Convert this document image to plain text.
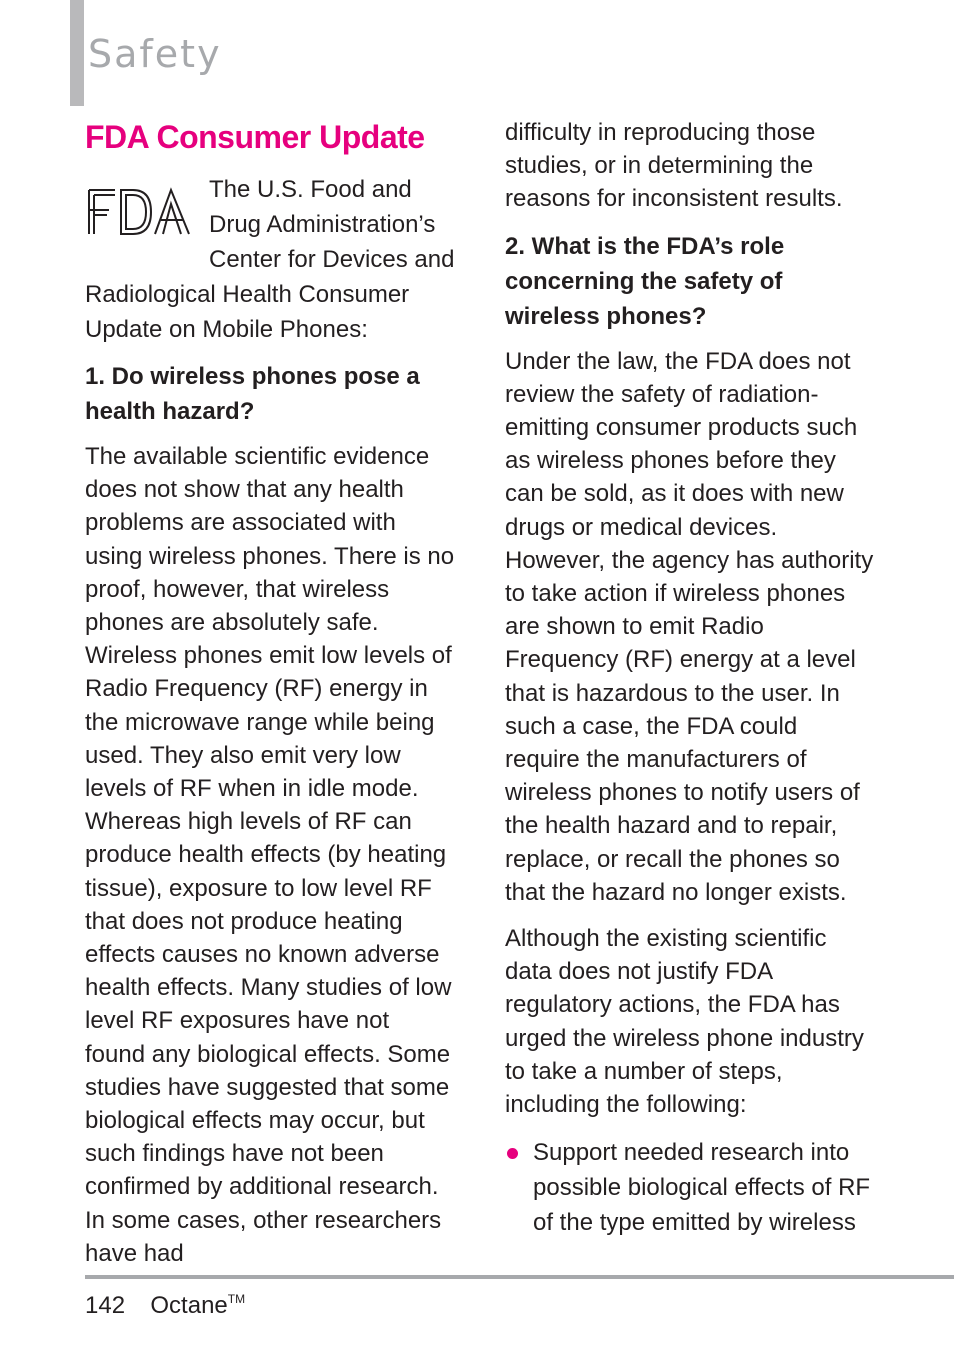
Safety
FDA Consumer Update
The U.S. Food and Drug Administration’s Center for Devices and Radiological Health Consumer Update on Mobile Phones:

1. Do wireless phones pose a health hazard?

The available scientific evidence does not show that any health problems are associated with using wireless phones. There is no proof, however, that wireless phones are absolutely safe. Wireless phones emit low levels of Radio Frequency (RF) energy in the microwave range while being used. They also emit very low levels of RF when in idle mode. Whereas high levels of RF can produce health effects (by heating tissue), exposure to low level RF that does not produce heating effects causes no known adverse health effects. Many studies of low level RF exposures have not found any biological effects. Some studies have suggested that some biological effects may occur, but such findings have not been confirmed by additional research. In some cases, other researchers have had

difficulty in reproducing those studies, or in determining the reasons for inconsistent results.

2. What is the FDA’s role concerning the safety of wireless phones?

Under the law, the FDA does not review the safety of radiation-emitting consumer products such as wireless phones before they can be sold, as it does with new drugs or medical devices. However, the agency has authority to take action if wireless phones are shown to emit Radio Frequency (RF) energy at a level that is hazardous to the user. In such a case, the FDA could require the manufacturers of wireless phones to notify users of the health hazard and to repair, replace, or recall the phones so that the hazard no longer exists.

Although the existing scientific data does not justify FDA regulatory actions, the FDA has urged the wireless phone industry to take a number of steps, including the following:

Support needed research into possible biological effects of RF of the type emitted by wireless
142 Octane™
